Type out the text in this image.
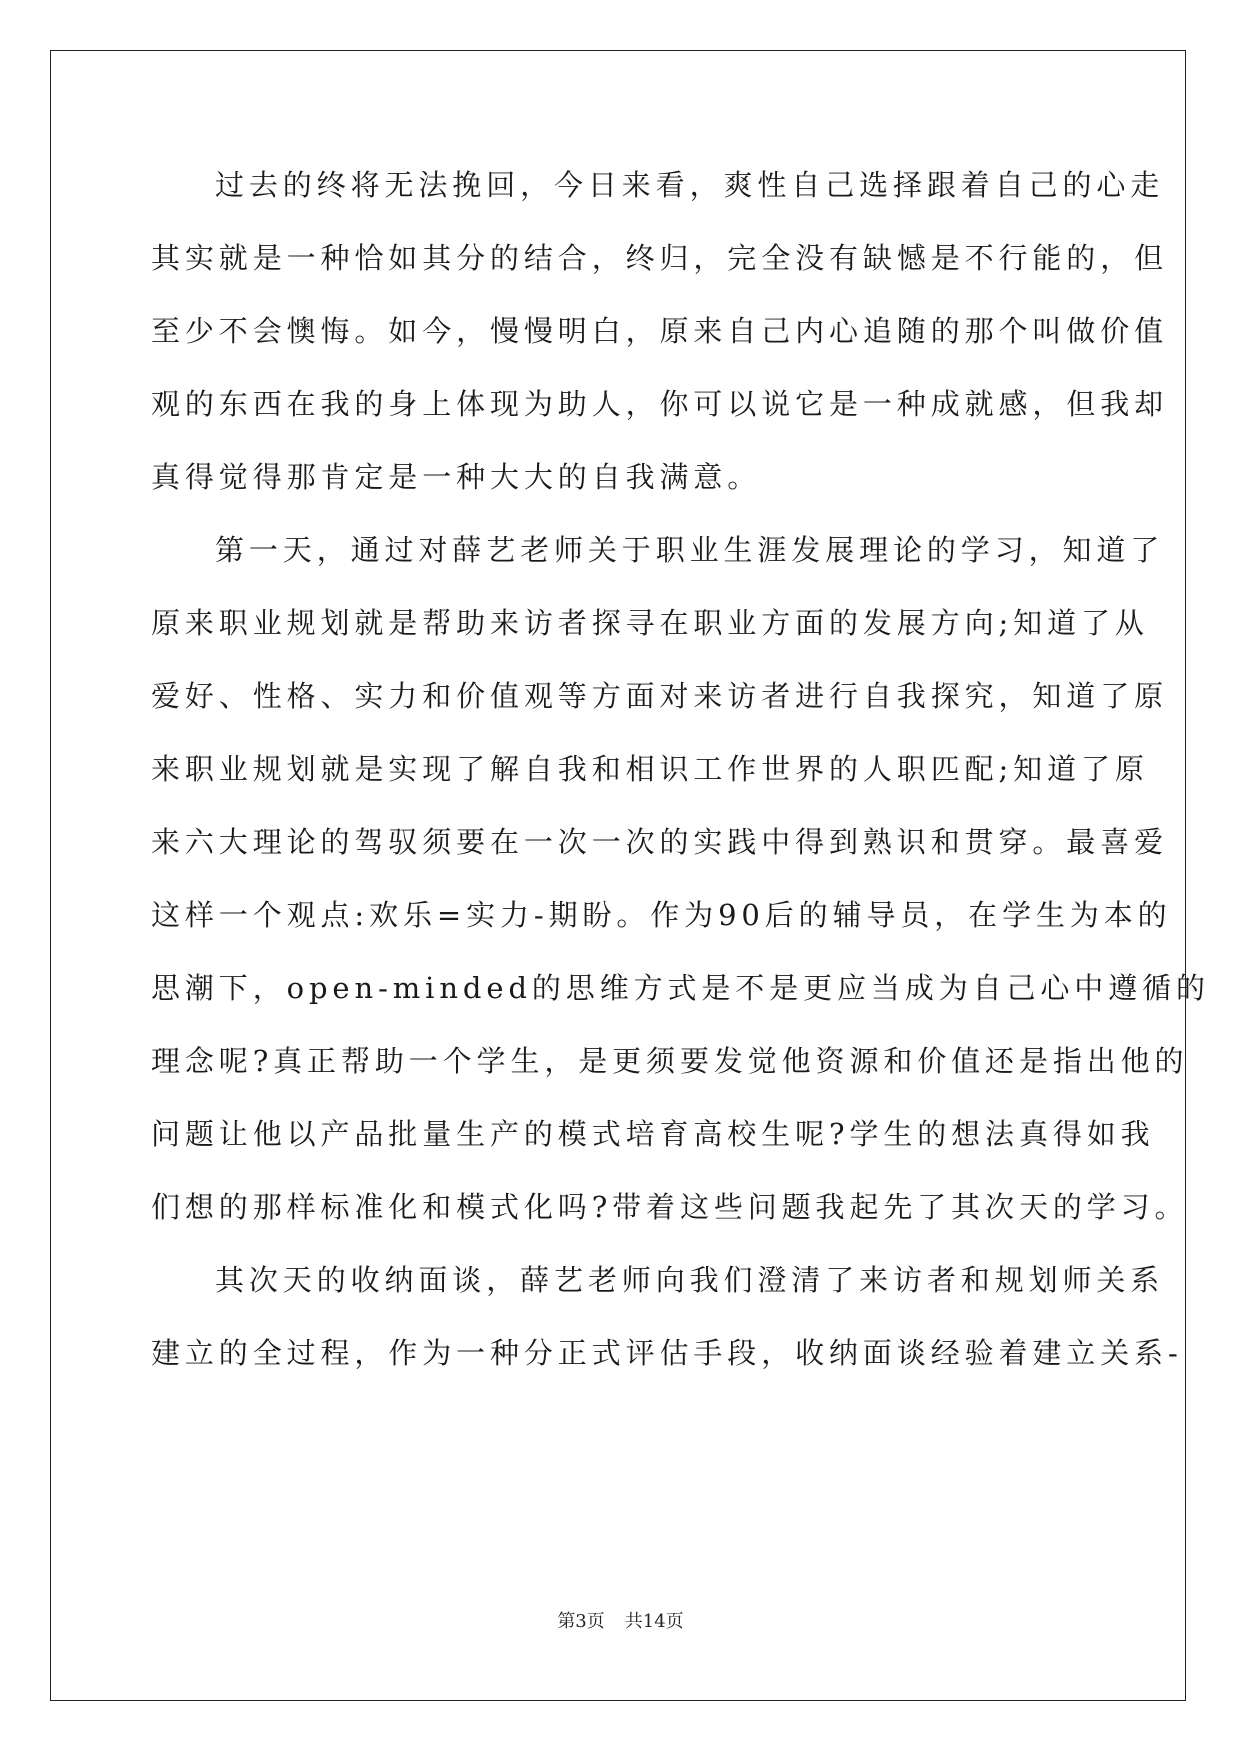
过去的终将无法挽回，今日来看，爽性自己选择跟着自己的心走
其实就是一种恰如其分的结合，终归，完全没有缺憾是不行能的，但
至少不会懊悔。如今，慢慢明白，原来自己内心追随的那个叫做价值
观的东西在我的身上体现为助人，你可以说它是一种成就感，但我却
真得觉得那肯定是一种大大的自我满意。
第一天，通过对薛艺老师关于职业生涯发展理论的学习，知道了
原来职业规划就是帮助来访者探寻在职业方面的发展方向;知道了从
爱好、性格、实力和价值观等方面对来访者进行自我探究，知道了原
来职业规划就是实现了解自我和相识工作世界的人职匹配;知道了原
来六大理论的驾驭须要在一次一次的实践中得到熟识和贯穿。最喜爱
这样一个观点:欢乐=实力-期盼。作为90后的辅导员，在学生为本的
思潮下，open-minded的思维方式是不是更应当成为自己心中遵循的
理念呢?真正帮助一个学生，是更须要发觉他资源和价值还是指出他的
问题让他以产品批量生产的模式培育高校生呢?学生的想法真得如我
们想的那样标准化和模式化吗?带着这些问题我起先了其次天的学习。
其次天的收纳面谈，薛艺老师向我们澄清了来访者和规划师关系
建立的全过程，作为一种分正式评估手段，收纳面谈经验着建立关系-
第3页 共14页
